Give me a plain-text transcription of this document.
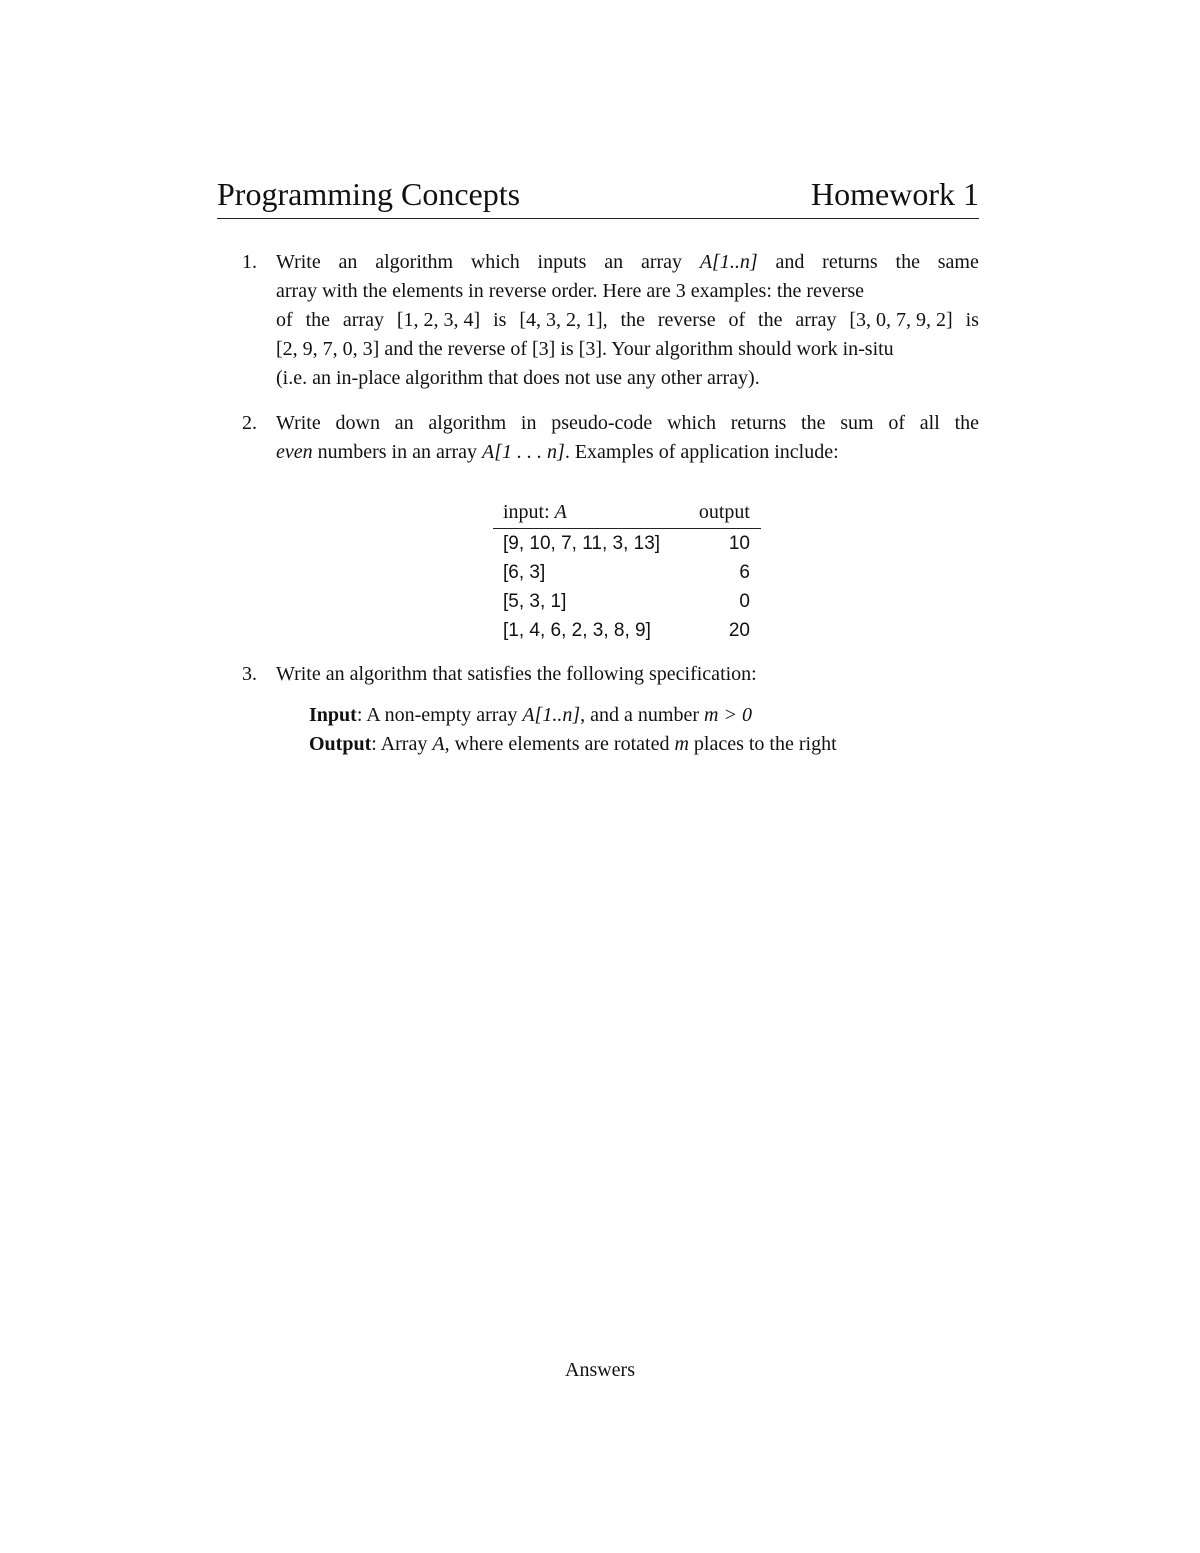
Programming Concepts	Homework 1
1. Write an algorithm which inputs an array A[1..n] and returns the same
array with the elements in reverse order. Here are 3 examples: the reverse
of the array [1, 2, 3, 4] is [4, 3, 2, 1], the reverse of the array [3, 0, 7, 9, 2] is
[2, 9, 7, 0, 3] and the reverse of [3] is [3]. Your algorithm should work in-situ
(i.e. an in-place algorithm that does not use any other array).
2. Write down an algorithm in pseudo-code which returns the sum of all the
even numbers in an array A[1 . . . n]. Examples of application include:
input: A	output
[9, 10, 7, 11, 3, 13]	10
[6, 3]	6
[5, 3, 1]	0
[1, 4, 6, 2, 3, 8, 9]	20
3. Write an algorithm that satisfies the following specification:
Input: A non-empty array A[1..n], and a number m > 0
Output: Array A, where elements are rotated m places to the right
Answers
